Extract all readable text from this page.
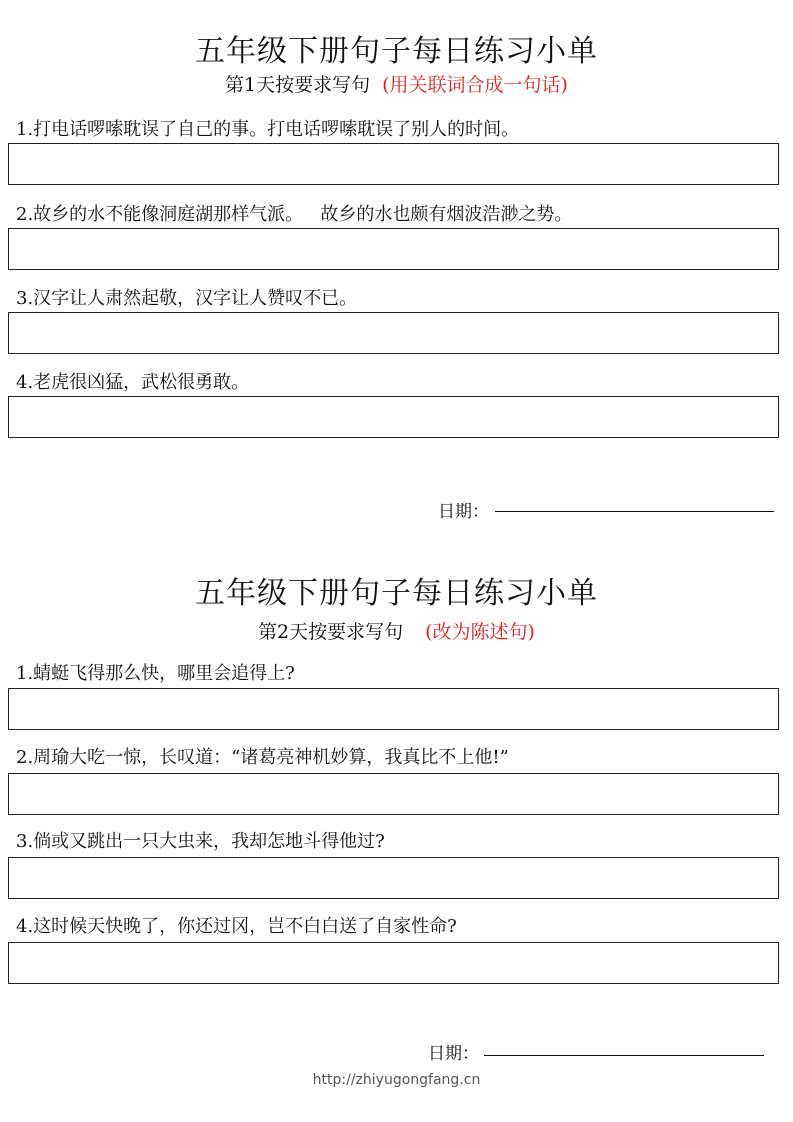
五年级下册句子每日练习小单
第1天按要求写句 (用关联词合成一句话)
1.打电话啰嗦耽误了自己的事。打电话啰嗦耽误了别人的时间。
2.故乡的水不能像洞庭湖那样气派。   故乡的水也颇有烟波浩渺之势。
3.汉字让人肃然起敬，汉字让人赞叹不已。
4.老虎很凶猛，武松很勇敢。
日期：
五年级下册句子每日练习小单
第2天按要求写句 (改为陈述句)
1.蜻蜓飞得那么快，哪里会追得上?
2.周瑜大吃一惊，长叹道：“诸葛亮神机妙算，我真比不上他!”
3.倘或又跳出一只大虫来，我却怎地斗得他过?
4.这时候天快晚了，你还过冈，岂不白白送了自家性命?
日期：
http://zhiyugongfang.cn
